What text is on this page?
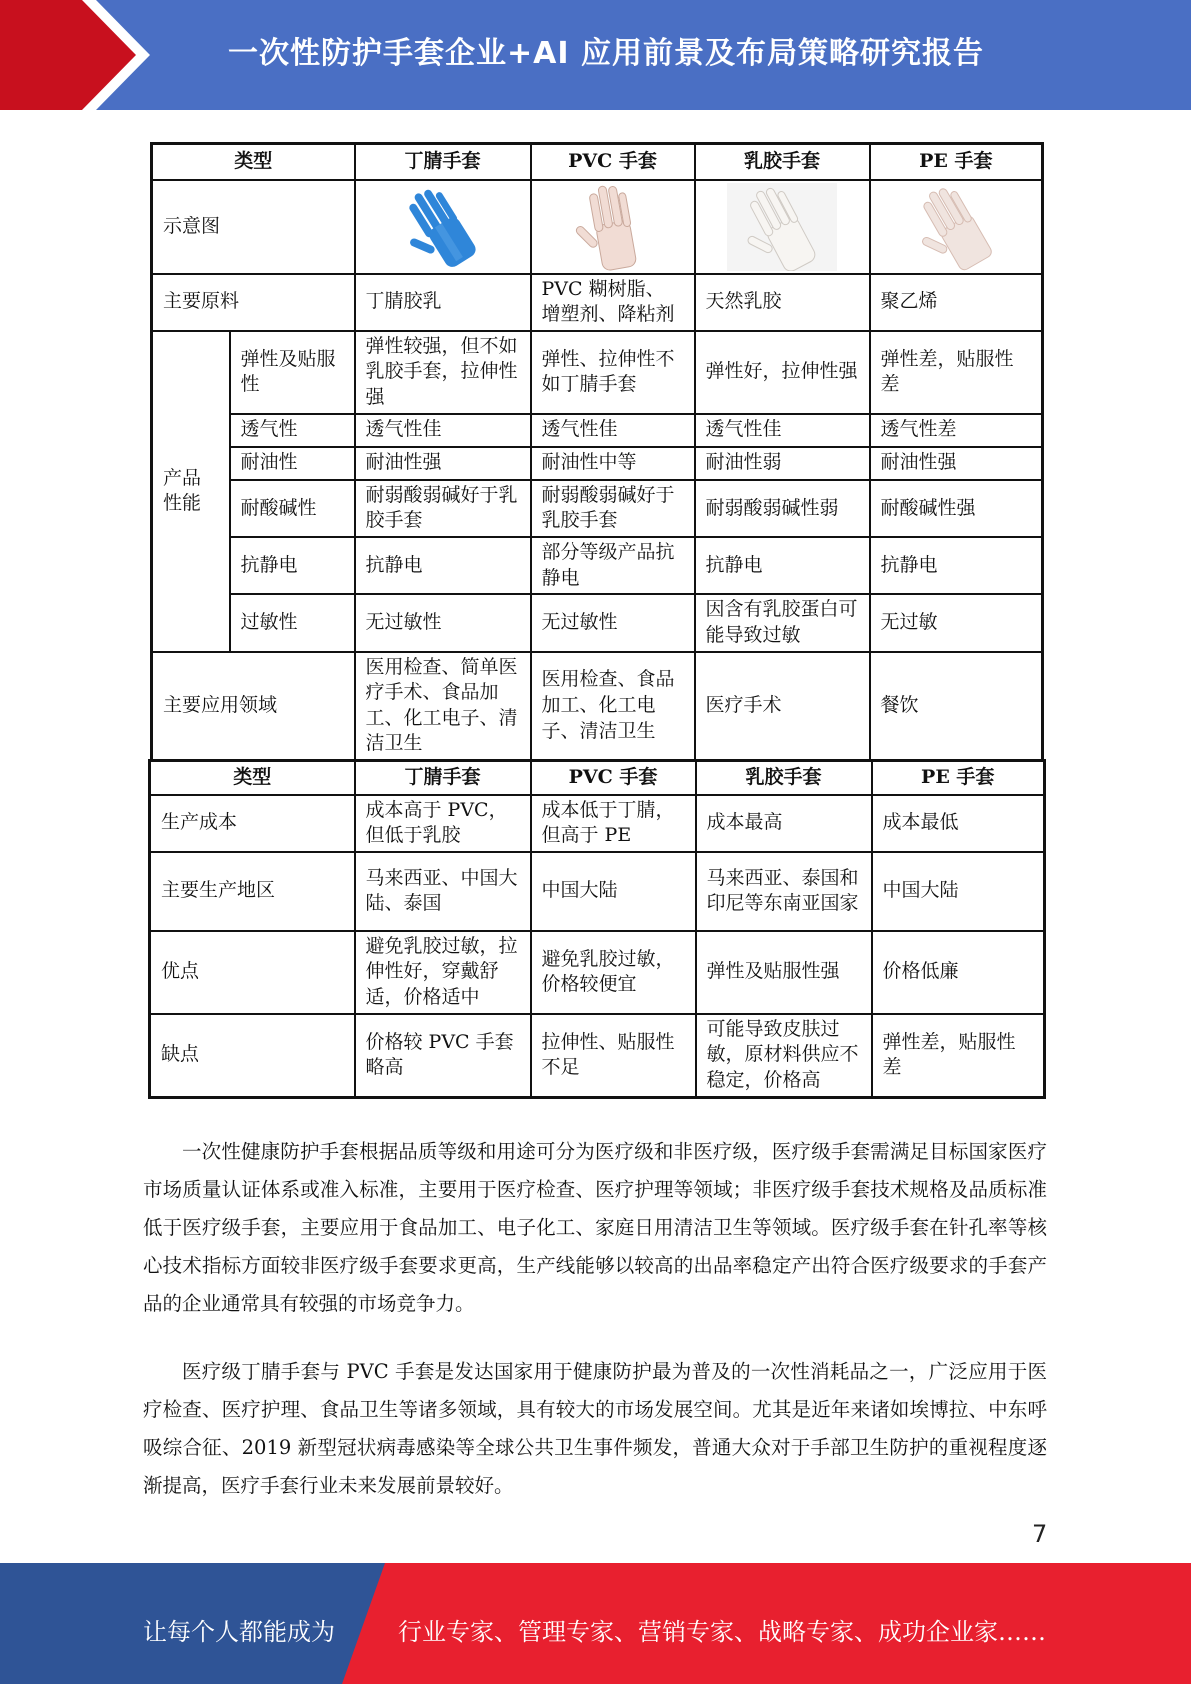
一次性防护手套企业+AI 应用前景及布局策略研究报告
类型		丁腈手套	PVC 手套	乳胶手套	PE 手套
示意图				
主要原料		丁腈胶乳	PVC 糊树脂、增塑剂、降粘剂	天然乳胶	聚乙烯
产品性能	弹性及贴服性	弹性较强，但不如乳胶手套，拉伸性强	弹性、拉伸性不如丁腈手套	弹性好，拉伸性强	弹性差，贴服性差
	透气性	透气性佳	透气性佳	透气性佳	透气性差
	耐油性	耐油性强	耐油性中等	耐油性弱	耐油性强
	耐酸碱性	耐弱酸弱碱好于乳胶手套	耐弱酸弱碱好于乳胶手套	耐弱酸弱碱性弱	耐酸碱性强
	抗静电	抗静电	部分等级产品抗静电	抗静电	抗静电
	过敏性	无过敏性	无过敏性	因含有乳胶蛋白可能导致过敏	无过敏
主要应用领域		医用检查、简单医疗手术、食品加工、化工电子、清洁卫生	医用检查、食品加工、化工电子、清洁卫生	医疗手术	餐饮
类型	丁腈手套	PVC 手套	乳胶手套	PE 手套
生产成本	成本高于 PVC，但低于乳胶	成本低于丁腈，但高于 PE	成本最高	成本最低
主要生产地区	马来西亚、中国大陆、泰国	中国大陆	马来西亚、泰国和印尼等东南亚国家	中国大陆
优点	避免乳胶过敏，拉伸性好，穿戴舒适，价格适中	避免乳胶过敏，价格较便宜	弹性及贴服性强	价格低廉
缺点	价格较 PVC 手套略高	拉伸性、贴服性不足	可能导致皮肤过敏，原材料供应不稳定，价格高	弹性差，贴服性差

一次性健康防护手套根据品质等级和用途可分为医疗级和非医疗级，医疗级手套需满足目标国家医疗市场质量认证体系或准入标准，主要用于医疗检查、医疗护理等领域；非医疗级手套技术规格及品质标准低于医疗级手套，主要应用于食品加工、电子化工、家庭日用清洁卫生等领域。医疗级手套在针孔率等核心技术指标方面较非医疗级手套要求更高，生产线能够以较高的出品率稳定产出符合医疗级要求的手套产品的企业通常具有较强的市场竞争力。

医疗级丁腈手套与 PVC 手套是发达国家用于健康防护最为普及的一次性消耗品之一，广泛应用于医疗检查、医疗护理、食品卫生等诸多领域，具有较大的市场发展空间。尤其是近年来诸如埃博拉、中东呼吸综合征、2019 新型冠状病毒感染等全球公共卫生事件频发，普通大众对于手部卫生防护的重视程度逐渐提高，医疗手套行业未来发展前景较好。

7
让每个人都能成为	行业专家、管理专家、营销专家、战略专家、成功企业家……
